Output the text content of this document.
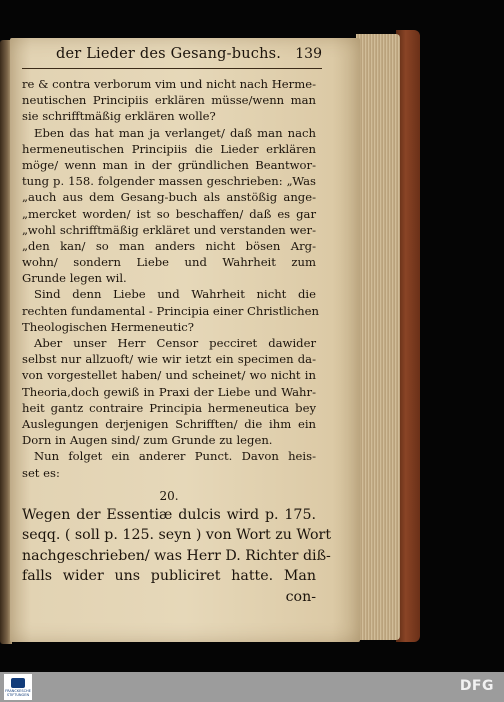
der Lieder des Gesang-buchs. 139
re & contra verborum vim und nicht nach Herme-
neutischen Principiis erklären müsse/wenn man
sie schrifftmäßig erklären wolle?
Eben das hat man ja verlanget/ daß man nach
hermeneutischen Principiis die Lieder erklären
möge/ wenn man in der gründlichen Beantwor-
tung p. 158. folgender massen geschrieben: „Was
„auch aus dem Gesang-buch als anstößig ange-
„mercket worden/ ist so beschaffen/ daß es gar
„wohl schrifftmäßig erkläret und verstanden wer-
„den kan/ so man anders nicht bösen Arg-
wohn/ sondern Liebe und Wahrheit zum
Grunde legen wil.
Sind denn Liebe und Wahrheit nicht die
rechten fundamental - Principia einer Christlichen
Theologischen Hermeneutic?
Aber unser Herr Censor pecciret dawider
selbst nur allzuoft/ wie wir ietzt ein specimen da-
von vorgestellet haben/ und scheinet/ wo nicht in
Theoria,doch gewiß in Praxi der Liebe und Wahr-
heit gantz contraire Principia hermeneutica bey
Auslegungen derjenigen Schrifften/ die ihm ein
Dorn in Augen sind/ zum Grunde zu legen.
Nun folget ein anderer Punct. Davon heis-
set es:
20.
Wegen der Essentiæ dulcis wird p. 175.
seqq. ( soll p. 125. seyn ) von Wort zu Wort
nachgeschrieben/ was Herr D. Richter diß-
falls wider uns publiciret hatte. Man
con-
FRANCKESCHE STIFTUNGEN
DFG
